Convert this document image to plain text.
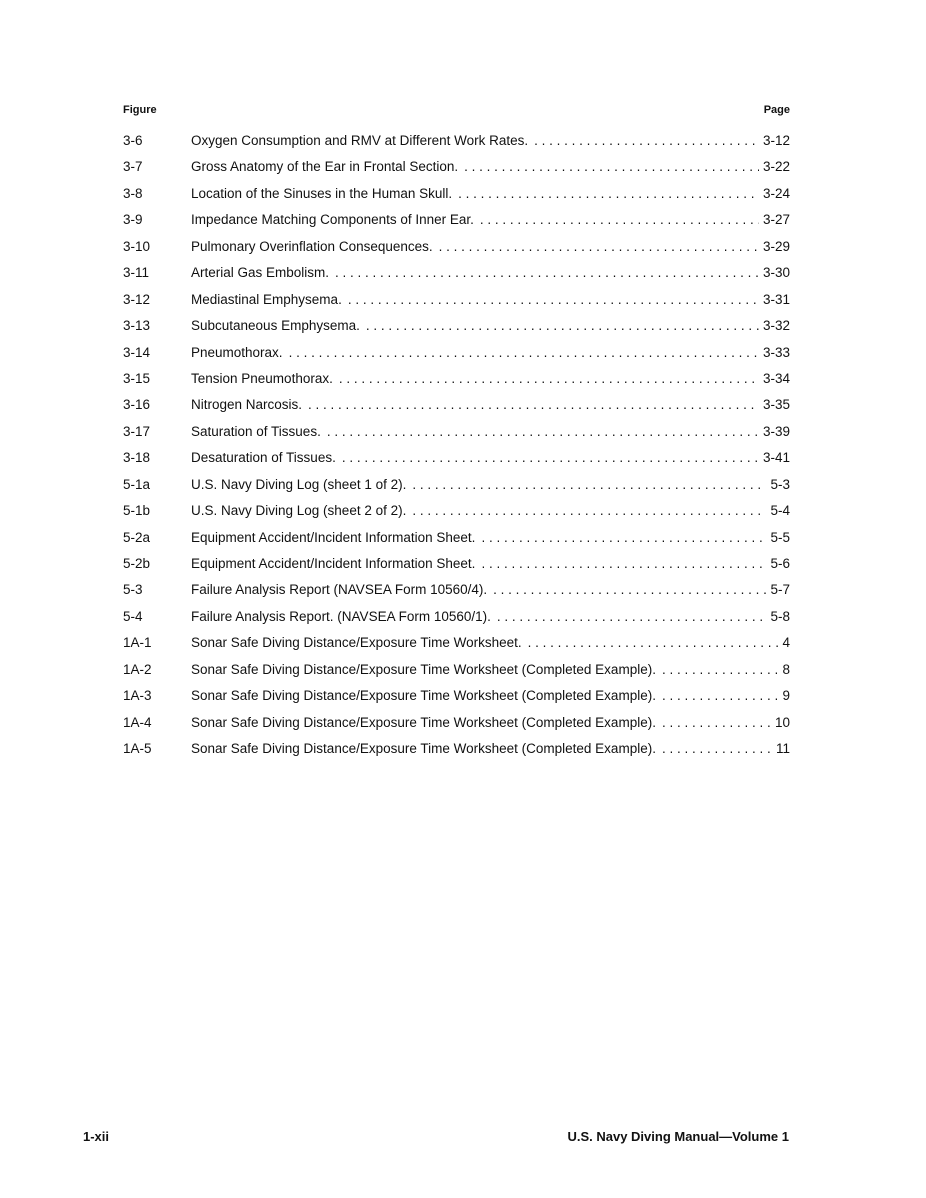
Figure	Page
3-6	Oxygen Consumption and RMV at Different Work Rates. . . .	3-12
3-7	Gross Anatomy of the Ear in Frontal Section. . . .	3-22
3-8	Location of the Sinuses in the Human Skull. . . .	3-24
3-9	Impedance Matching Components of Inner Ear. . . .	3-27
3-10	Pulmonary Overinflation Consequences. . . .	3-29
3-11	Arterial Gas Embolism. . . .	3-30
3-12	Mediastinal Emphysema. . . .	3-31
3-13	Subcutaneous Emphysema. . . .	3-32
3-14	Pneumothorax. . . .	3-33
3-15	Tension Pneumothorax. . . .	3-34
3-16	Nitrogen Narcosis. . . .	3-35
3-17	Saturation of Tissues. . . .	3-39
3-18	Desaturation of Tissues. . . .	3-41
5-1a	U.S. Navy Diving Log (sheet 1 of 2). . . .	5-3
5-1b	U.S. Navy Diving Log (sheet 2 of 2). . . .	5-4
5-2a	Equipment Accident/Incident Information Sheet. . . .	5-5
5-2b	Equipment Accident/Incident Information Sheet. . . .	5-6
5-3	Failure Analysis Report (NAVSEA Form 10560/4). . . .	5-7
5-4	Failure Analysis Report. (NAVSEA Form 10560/1). . . .	5-8
1A-1	Sonar Safe Diving Distance/Exposure Time Worksheet. . . .	4
1A-2	Sonar Safe Diving Distance/Exposure Time Worksheet (Completed Example). . . .	8
1A-3	Sonar Safe Diving Distance/Exposure Time Worksheet (Completed Example). . . .	9
1A-4	Sonar Safe Diving Distance/Exposure Time Worksheet (Completed Example). . . .	10
1A-5	Sonar Safe Diving Distance/Exposure Time Worksheet (Completed Example). . . .	11
1-xii	U.S. Navy Diving Manual—Volume 1
